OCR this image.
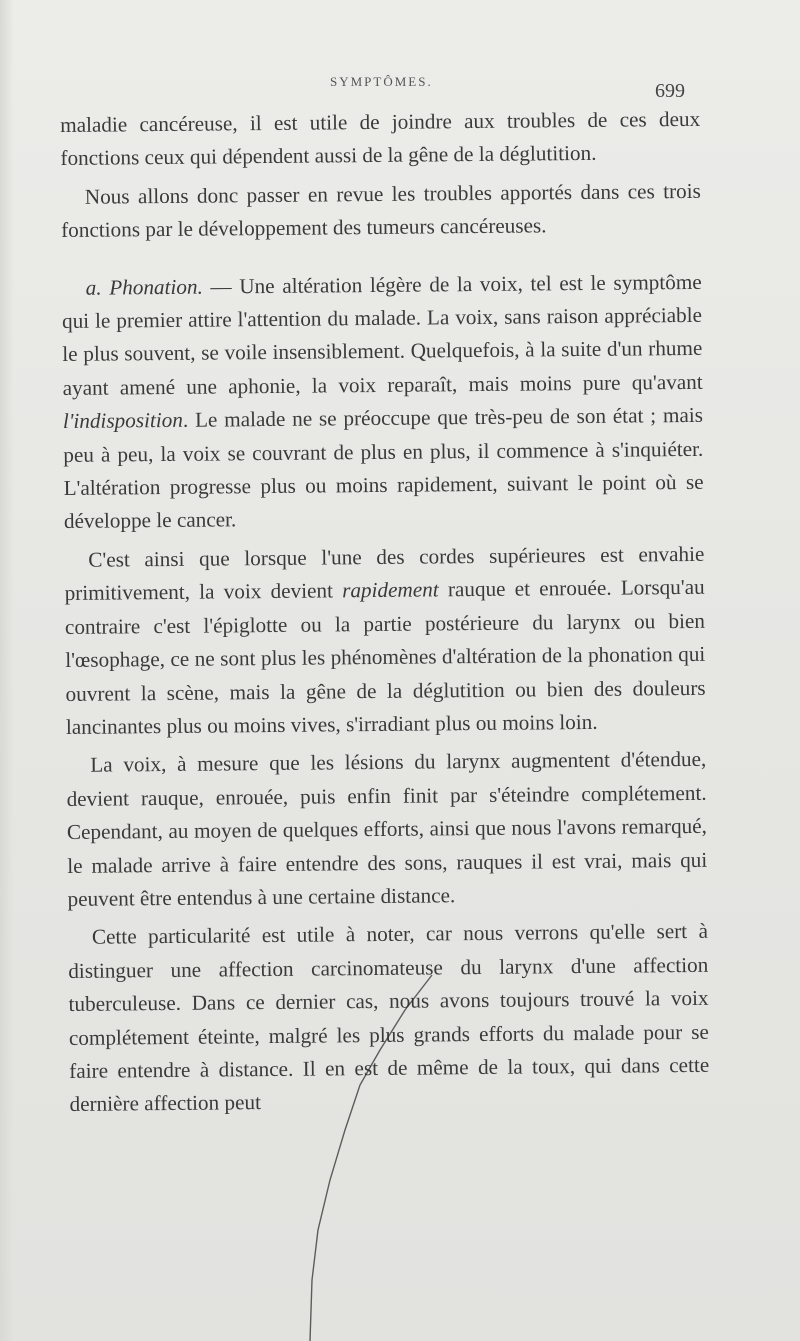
SYMPTÔMES.	699

maladie cancéreuse, il est utile de joindre aux troubles de ces deux fonctions ceux qui dépendent aussi de la gêne de la déglutition.

Nous allons donc passer en revue les troubles apportés dans ces trois fonctions par le développement des tumeurs cancéreuses.

a. Phonation. — Une altération légère de la voix, tel est le symptôme qui le premier attire l'attention du malade. La voix, sans raison appréciable le plus souvent, se voile insensiblement. Quelquefois, à la suite d'un rhume ayant amené une aphonie, la voix reparaît, mais moins pure qu'avant l'indisposition. Le malade ne se préoccupe que très-peu de son état ; mais peu à peu, la voix se couvrant de plus en plus, il commence à s'inquiéter. L'altération progresse plus ou moins rapidement, suivant le point où se développe le cancer.

C'est ainsi que lorsque l'une des cordes supérieures est envahie primitivement, la voix devient rapidement rauque et enrouée. Lorsqu'au contraire c'est l'épiglotte ou la partie postérieure du larynx ou bien l'œsophage, ce ne sont plus les phénomènes d'altération de la phonation qui ouvrent la scène, mais la gêne de la déglutition ou bien des douleurs lancinantes plus ou moins vives, s'irradiant plus ou moins loin.

La voix, à mesure que les lésions du larynx augmentent d'étendue, devient rauque, enrouée, puis enfin finit par s'éteindre complétement. Cependant, au moyen de quelques efforts, ainsi que nous l'avons remarqué, le malade arrive à faire entendre des sons, rauques il est vrai, mais qui peuvent être entendus à une certaine distance.

Cette particularité est utile à noter, car nous verrons qu'elle sert à distinguer une affection carcinomateuse du larynx d'une affection tuberculeuse. Dans ce dernier cas, nous avons toujours trouvé la voix complétement éteinte, malgré les plus grands efforts du malade pour se faire entendre à distance. Il en est de même de la toux, qui dans cette dernière affection peut
